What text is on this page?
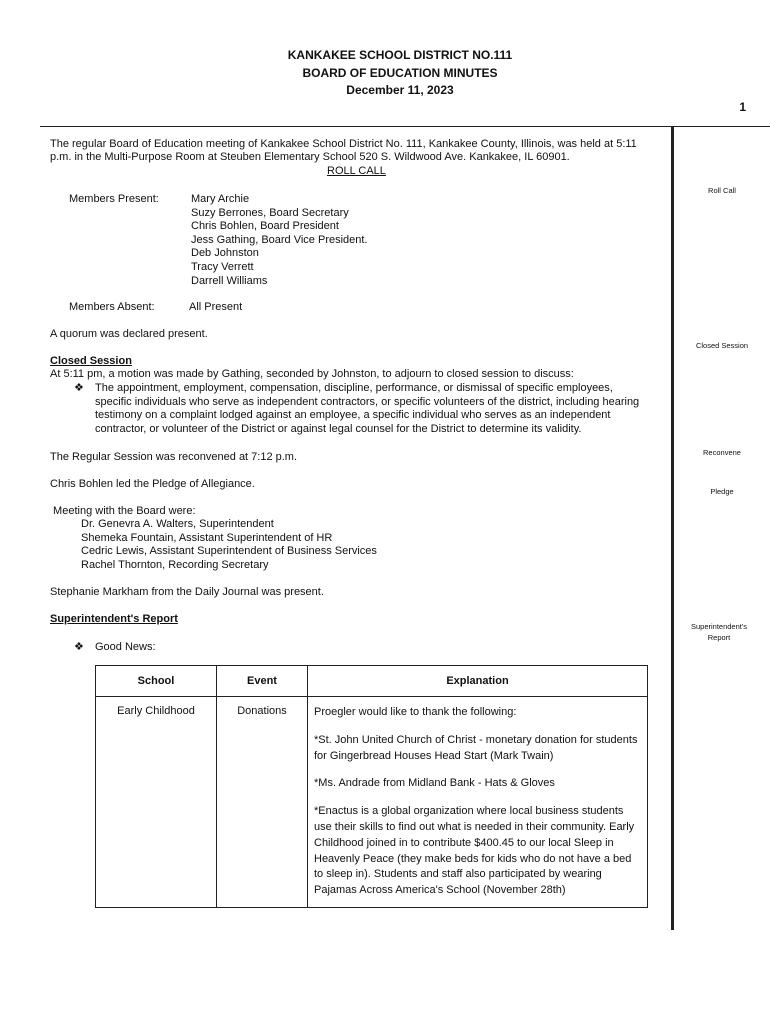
KANKAKEE SCHOOL DISTRICT NO.111
BOARD OF EDUCATION MINUTES
December 11, 2023
1
The regular Board of Education meeting of Kankakee School District No. 111, Kankakee County, Illinois, was held at 5:11
p.m. in the Multi-Purpose Room at Steuben Elementary School 520 S. Wildwood Ave. Kankakee, IL 60901.
ROLL CALL
Members Present:	Mary Archie
Suzy Berrones, Board Secretary
Chris Bohlen, Board President
Jess Gathing, Board Vice President.
Deb Johnston
Tracy Verrett
Darrell Williams
Members Absent:	All Present
A quorum was declared present.
Closed Session
At 5:11 pm, a motion was made by Gathing, seconded by Johnston, to adjourn to closed session to discuss:
❖ The appointment, employment, compensation, discipline, performance, or dismissal of specific employees,
specific individuals who serve as independent contractors, or specific volunteers of the district, including hearing
testimony on a complaint lodged against an employee, a specific individual who serves as an independent
contractor, or volunteer of the District or against legal counsel for the District to determine its validity.
The Regular Session was reconvened at 7:12 p.m.
Chris Bohlen led the Pledge of Allegiance.
Meeting with the Board were:
Dr. Genevra A. Walters, Superintendent
Shemeka Fountain, Assistant Superintendent of HR
Cedric Lewis, Assistant Superintendent of Business Services
Rachel Thornton, Recording Secretary
Stephanie Markham from the Daily Journal was present.
Superintendent's Report
❖ Good News:
School	Event	Explanation
Early Childhood	Donations	Proegler would like to thank the following:

*St. John United Church of Christ - monetary donation for students for Gingerbread Houses Head Start (Mark Twain)

*Ms. Andrade from Midland Bank - Hats & Gloves

*Enactus is a global organization where local business students use their skills to find out what is needed in their community. Early Childhood joined in to contribute $400.45 to our local Sleep in Heavenly Peace (they make beds for kids who do not have a bed to sleep in). Students and staff also participated by wearing Pajamas Across America's School (November 28th)

Roll Call
Closed Session
Reconvene
Pledge
Superintendent's Report
